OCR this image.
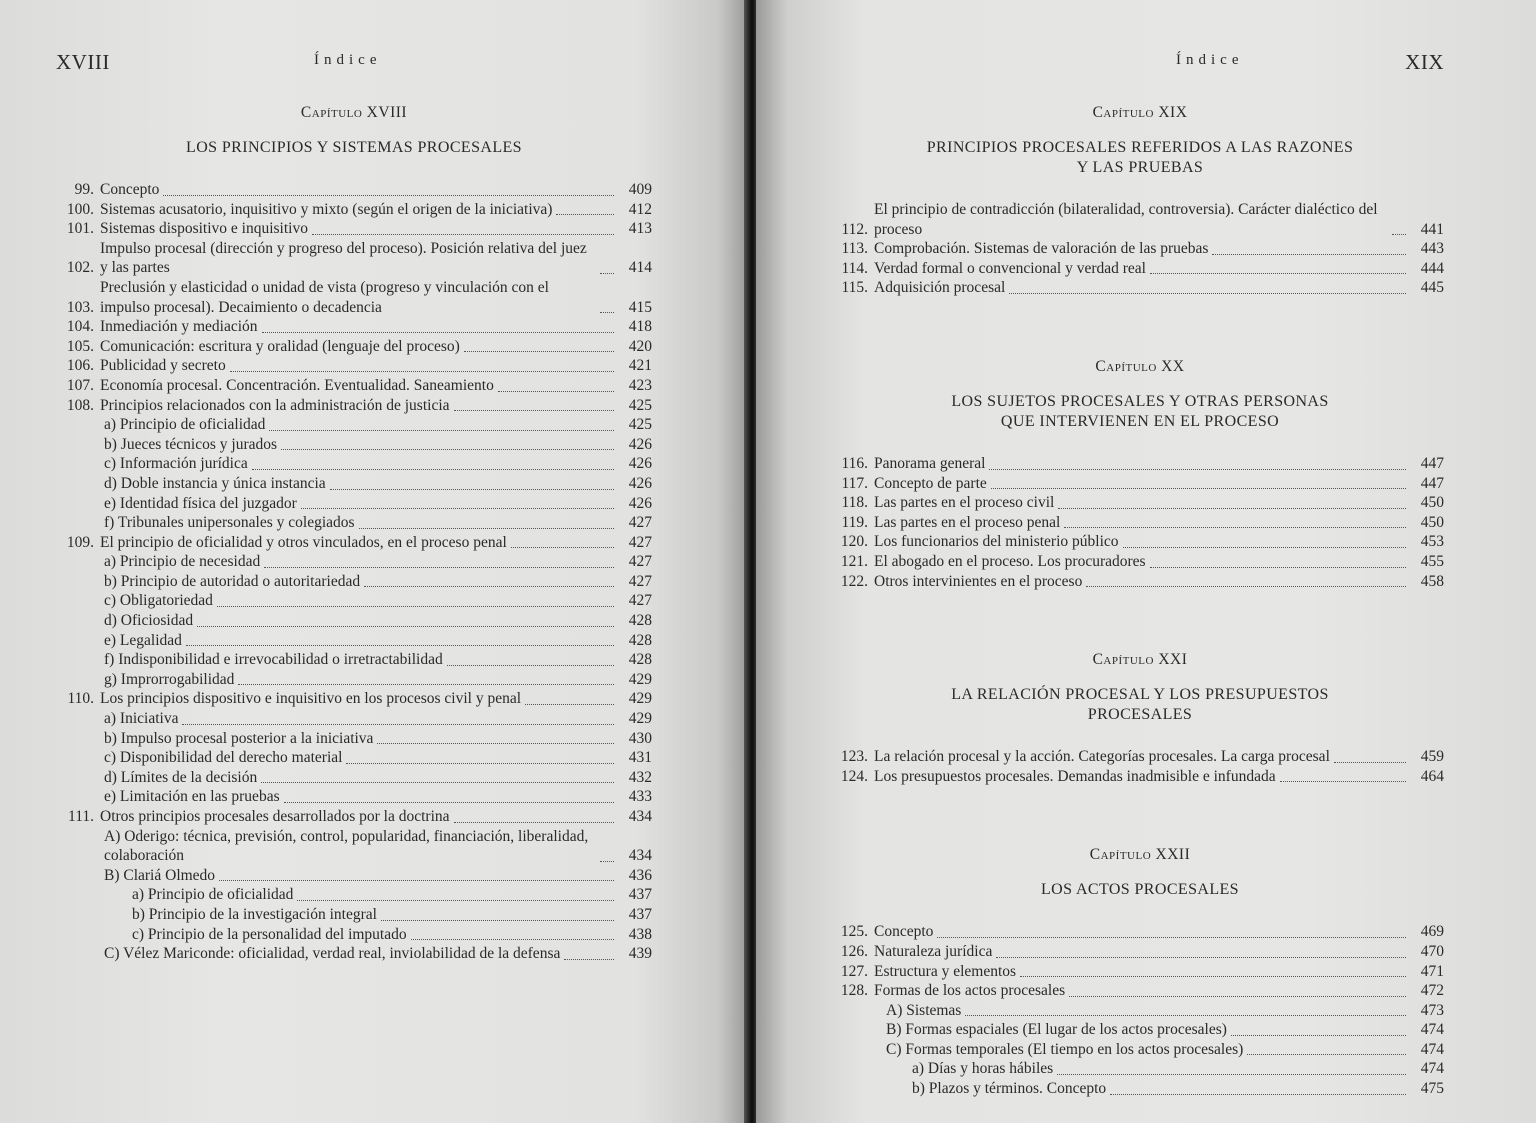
XVIII	Índice
Capítulo XVIII
LOS PRINCIPIOS Y SISTEMAS PROCESALES
99. Concepto	409
100. Sistemas acusatorio, inquisitivo y mixto (según el origen de la iniciativa)	412
101. Sistemas dispositivo e inquisitivo	413
102.
Impulso procesal (dirección y progreso del proceso). Posición relativa del juez y las partes	414
103.
Preclusión y elasticidad o unidad de vista (progreso y vinculación con el impulso procesal). Decaimiento o decadencia	415
104. Inmediación y mediación	418
105. Comunicación: escritura y oralidad (lenguaje del proceso)	420
106. Publicidad y secreto	421
107. Economía procesal. Concentración. Eventualidad. Saneamiento	423
108. Principios relacionados con la administración de justicia	425
a) Principio de oficialidad	425
b) Jueces técnicos y jurados	426
c) Información jurídica	426
d) Doble instancia y única instancia	426
e) Identidad física del juzgador	426
f) Tribunales unipersonales y colegiados	427
109. El principio de oficialidad y otros vinculados, en el proceso penal	427
a) Principio de necesidad	427
b) Principio de autoridad o autoritariedad	427
c) Obligatoriedad	427
d) Oficiosidad	428
e) Legalidad	428
f) Indisponibilidad e irrevocabilidad o irretractabilidad	428
g) Improrrogabilidad	429
110. Los principios dispositivo e inquisitivo en los procesos civil y penal	429
a) Iniciativa	429
b) Impulso procesal posterior a la iniciativa	430
c) Disponibilidad del derecho material	431
d) Límites de la decisión	432
e) Limitación en las pruebas	433
111. Otros principios procesales desarrollados por la doctrina	434
A) Oderigo: técnica, previsión, control, popularidad, financiación, liberalidad, colaboración	434
B) Clariá Olmedo	436
a) Principio de oficialidad	437
b) Principio de la investigación integral	437
c) Principio de la personalidad del imputado	438
C) Vélez Mariconde: oficialidad, verdad real, inviolabilidad de la defensa	439
Índice	XIX
Capítulo XIX
PRINCIPIOS PROCESALES REFERIDOS A LAS RAZONES
Y LAS PRUEBAS
112.
El principio de contradicción (bilateralidad, controversia). Carácter dialéctico del proceso	441
113. Comprobación. Sistemas de valoración de las pruebas	443
114. Verdad formal o convencional y verdad real	444
115. Adquisición procesal	445
Capítulo XX
LOS SUJETOS PROCESALES Y OTRAS PERSONAS
QUE INTERVIENEN EN EL PROCESO
116. Panorama general	447
117. Concepto de parte	447
118. Las partes en el proceso civil	450
119. Las partes en el proceso penal	450
120. Los funcionarios del ministerio público	453
121. El abogado en el proceso. Los procuradores	455
122. Otros intervinientes en el proceso	458
Capítulo XXI
LA RELACIÓN PROCESAL Y LOS PRESUPUESTOS
PROCESALES
123. La relación procesal y la acción. Categorías procesales. La carga procesal	459
124. Los presupuestos procesales. Demandas inadmisible e infundada	464
Capítulo XXII
LOS ACTOS PROCESALES
125. Concepto	469
126. Naturaleza jurídica	470
127. Estructura y elementos	471
128. Formas de los actos procesales	472
A) Sistemas	473
B) Formas espaciales (El lugar de los actos procesales)	474
C) Formas temporales (El tiempo en los actos procesales)	474
a) Días y horas hábiles	474
b) Plazos y términos. Concepto	475
